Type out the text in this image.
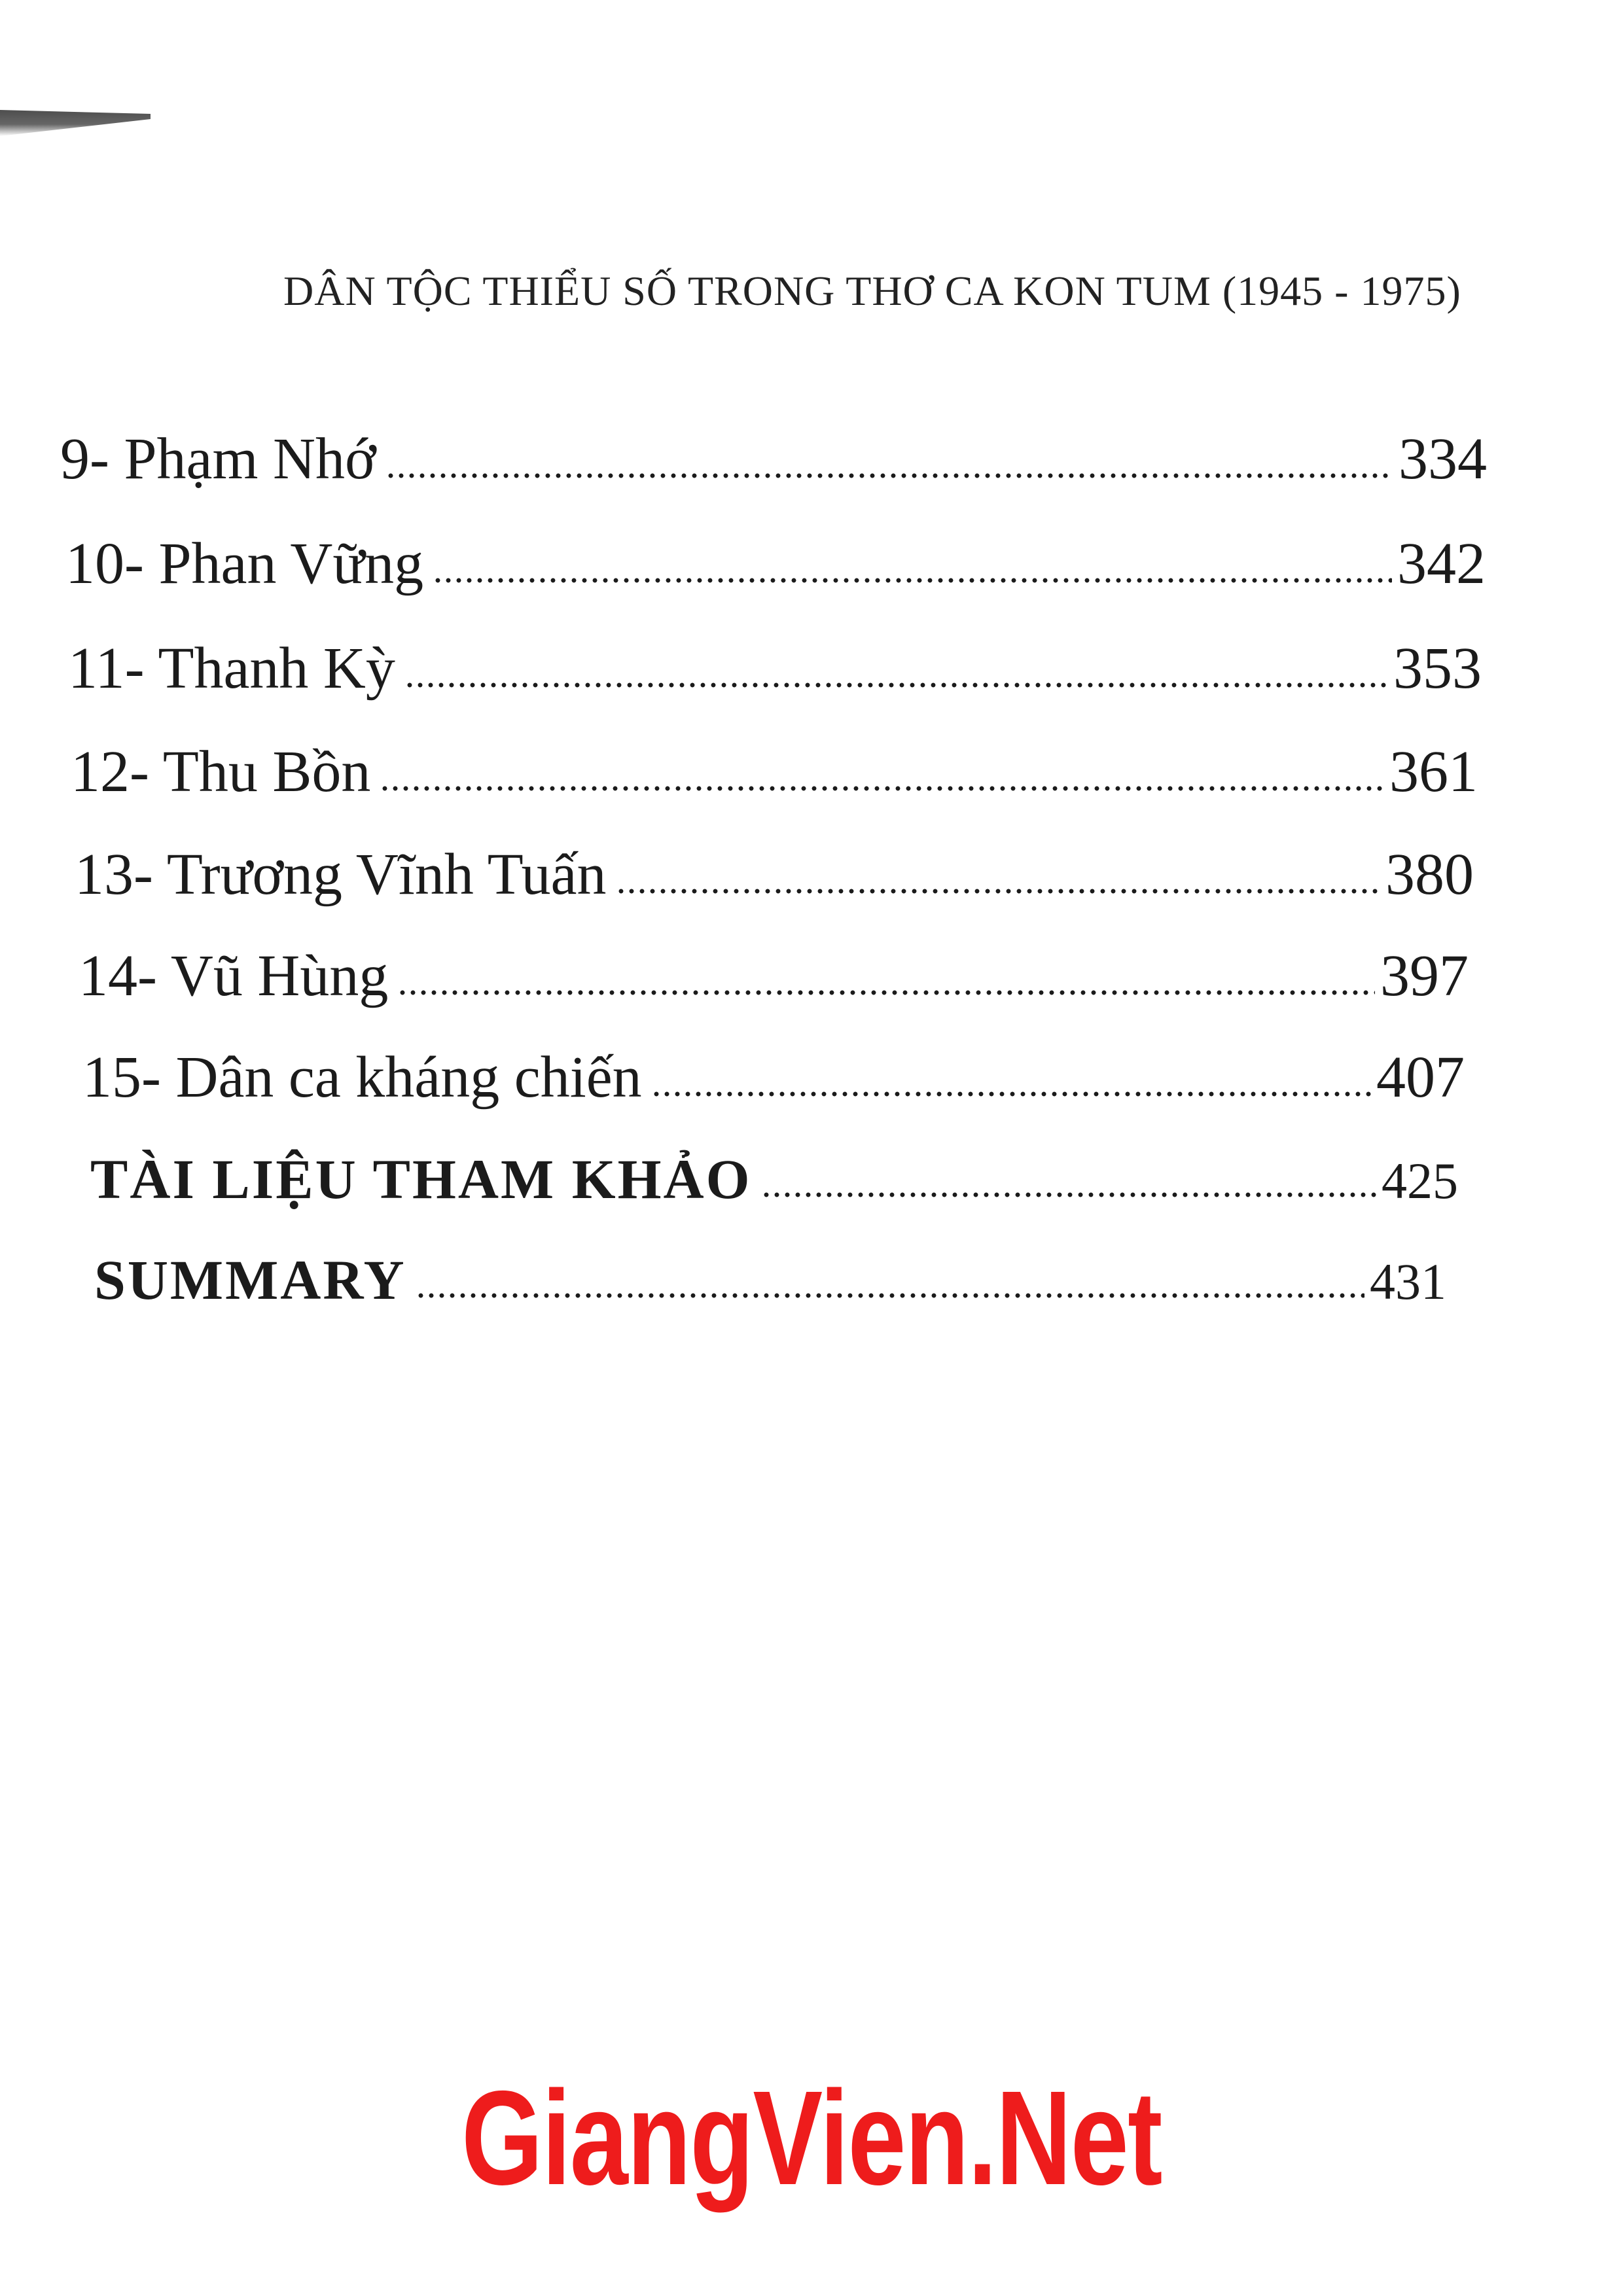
DÂN TỘC THIỂU SỐ TRONG THƠ CA KON TUM (1945 - 1975)
9- Phạm Nhớ	334
10- Phan Vững	342
11- Thanh Kỳ	353
12- Thu Bồn	361
13- Trương Vĩnh Tuấn	380
14- Vũ Hùng	397
15- Dân ca kháng chiến	407
TÀI LIỆU THAM KHẢO	425
SUMMARY	431
GiangVien.Net
